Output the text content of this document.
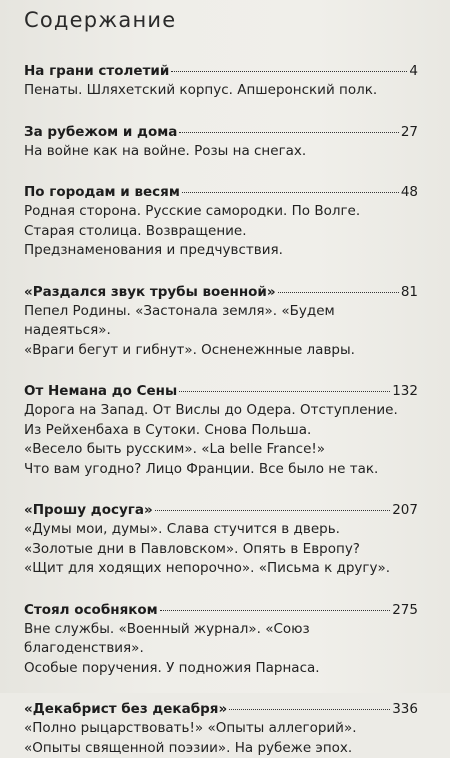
Содержание
На грани столетий	4
Пенаты. Шляхетский корпус. Апшеронский полк.
За рубежом и дома	27
На войне как на войне. Розы на снегах.
По городам и весям	48
Родная сторона. Русские самородки. По Волге.
Старая столица. Возвращение.
Предзнаменования и предчувствия.
«Раздался звук трубы военной»	81
Пепел Родины. «Застонала земля». «Будем надеяться».
«Враги бегут и гибнут». Осненежнные лавры.
От Немана до Сены	132
Дорога на Запад. От Вислы до Одера. Отступление.
Из Рейхенбаха в Сутоки. Снова Польша.
«Весело быть русским». «La belle France!»
Что вам угодно? Лицо Франции. Все было не так.
«Прошу досуга»	207
«Думы мои, думы». Слава стучится в дверь.
«Золотые дни в Павловском». Опять в Европу?
«Щит для ходящих непорочно». «Письма к другу».
Стоял особняком	275
Вне службы. «Военный журнал». «Союз благоденствия».
Особые поручения. У подножия Парнаса.
«Декабрист без декабря»	336
«Полно рыцарствовать!» «Опыты аллегорий».
«Опыты священной поэзии». На рубеже эпох.
